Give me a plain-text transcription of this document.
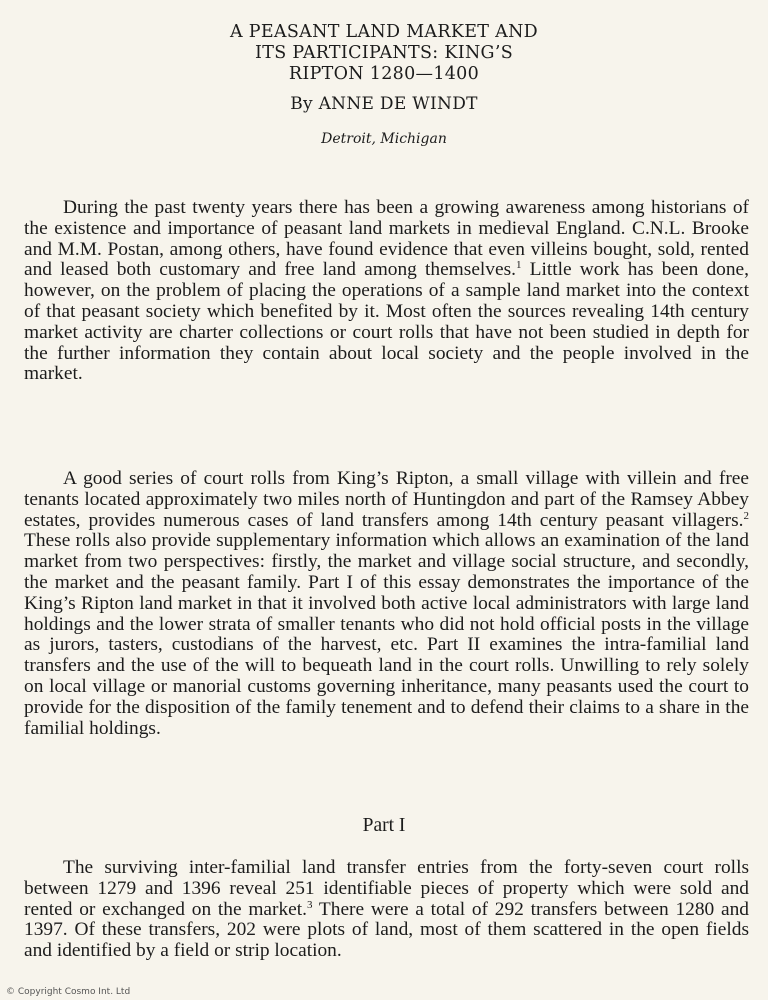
A PEASANT LAND MARKET AND
ITS PARTICIPANTS: KING’S
RIPTON 1280—1400
By ANNE DE WINDT
Detroit, Michigan

During the past twenty years there has been a growing awareness among historians of the existence and importance of peasant land markets in medieval England. C.N.L. Brooke and M.M. Postan, among others, have found evidence that even villeins bought, sold, rented and leased both customary and free land among themselves.$^1$ Little work has been done, however, on the problem of placing the operations of a sample land market into the context of that peasant society which benefited by it. Most often the sources revealing 14th century market activity are charter collections or court rolls that have not been studied in depth for the further information they contain about local society and the people involved in the market.

A good series of court rolls from King’s Ripton, a small village with villein and free tenants located approximately two miles north of Huntingdon and part of the Ramsey Abbey estates, provides numerous cases of land transfers among 14th century peasant villagers.$^2$ These rolls also provide supplementary information which allows an examination of the land market from two perspectives: firstly, the market and village social structure, and secondly, the market and the peasant family. Part I of this essay demonstrates the importance of the King’s Ripton land market in that it involved both active local administrators with large land holdings and the lower strata of smaller tenants who did not hold official posts in the village as jurors, tasters, custodians of the harvest, etc. Part II examines the intra-familial land transfers and the use of the will to bequeath land in the court rolls. Unwilling to rely solely on local village or manorial customs governing inheritance, many peasants used the court to provide for the disposition of the family tenement and to defend their claims to a share in the familial holdings.

Part I

The surviving inter-familial land transfer entries from the forty-seven court rolls between 1279 and 1396 reveal 251 identifiable pieces of property which were sold and rented or exchanged on the market.$^3$ There were a total of 292 transfers between 1280 and 1397. Of these transfers, 202 were plots of land, most of them scattered in the open fields and identified by a field or strip location.

© Copyright Cosmo Int. Ltd
